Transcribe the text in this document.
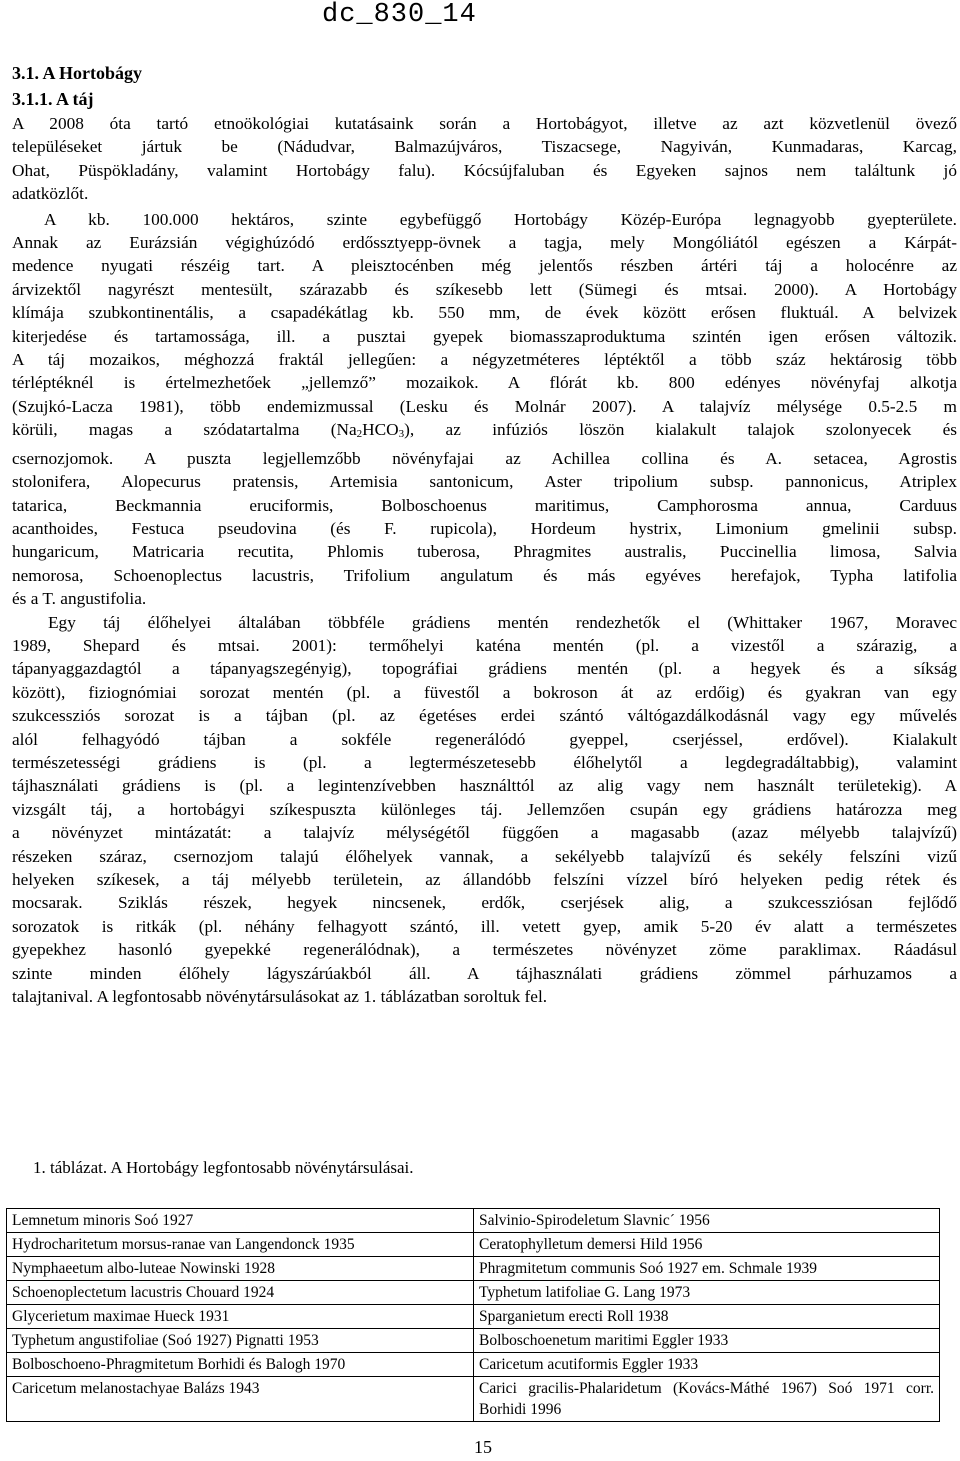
dc_830_14
3.1. A Hortobágy
3.1.1. A táj
A 2008 óta tartó etnoökológiai kutatásaink során a Hortobágyot, illetve az azt közvetlenül övező
településeket jártuk be (Nádudvar, Balmazújváros, Tiszacsege, Nagyiván, Kunmadaras, Karcag,
Ohat, Püspökladány, valamint Hortobágy falu). Kócsújfaluban és Egyeken sajnos nem találtunk jó
adatközlőt.
A kb. 100.000 hektáros, szinte egybefüggő Hortobágy Közép-Európa legnagyobb gyepterülete.
Annak az Eurázsián végighúzódó erdőssztyepp-övnek a tagja, mely Mongóliától egészen a Kárpát-
medence nyugati részéig tart. A pleisztocénben még jelentős részben ártéri táj a holocénre az
árvizektől nagyrészt mentesült, szárazabb és szíkesebb lett (Sümegi és mtsai. 2000). A Hortobágy
klímája szubkontinentális, a csapadékátlag kb. 550 mm, de évek között erősen fluktuál. A belvizek
kiterjedése és tartamossága, ill. a pusztai gyepek biomasszaproduktuma szintén igen erősen változik.
A táj mozaikos, méghozzá fraktál jellegűen: a négyzetméteres léptéktől a több száz hektárosig több
térléptéknél is értelmezhetőek „jellemző” mozaikok. A flórát kb. 800 edényes növényfaj alkotja
(Szujkó-Lacza 1981), több endemizmussal (Lesku és Molnár 2007). A talajvíz mélysége 0.5-2.5 m
körüli, magas a szódatartalma $(Na_2HCO_3)$, az infúziós löszön kialakult talajok szolonyecek és
csernozjomok. A puszta legjellemzőbb növényfajai az Achillea collina és A. setacea, Agrostis
stolonifera, Alopecurus pratensis, Artemisia santonicum, Aster tripolium subsp. pannonicus, Atriplex
tatarica, Beckmannia eruciformis, Bolboschoenus maritimus, Camphorosma annua, Carduus
acanthoides, Festuca pseudovina (és F. rupicola), Hordeum hystrix, Limonium gmelinii subsp.
hungaricum, Matricaria recutita, Phlomis tuberosa, Phragmites australis, Puccinellia limosa, Salvia
nemorosa, Schoenoplectus lacustris, Trifolium angulatum és más egyéves herefajok, Typha latifolia
és a T. angustifolia.
Egy táj élőhelyei általában többféle grádiens mentén rendezhetők el (Whittaker 1967, Moravec
1989, Shepard és mtsai. 2001): termőhelyi katéna mentén (pl. a vizestől a szárazig, a
tápanyaggazdagtól a tápanyagszegényig), topográfiai grádiens mentén (pl. a hegyek és a síkság
között), fiziognómiai sorozat mentén (pl. a füvestől a bokroson át az erdőig) és gyakran van egy
szukcessziós sorozat is a tájban (pl. az égetéses erdei szántó váltógazdálkodásnál vagy egy művelés
alól felhagyódó tájban a sokféle regenerálódó gyeppel, cserjéssel, erdővel). Kialakult
természetességi grádiens is (pl. a legtermészetesebb élőhelytől a legdegradáltabbig), valamint
tájhasználati grádiens is (pl. a legintenzívebben használttól az alig vagy nem használt területekig). A
vizsgált táj, a hortobágyi szíkespuszta különleges táj. Jellemzően csupán egy grádiens határozza meg
a növényzet mintázatát: a talajvíz mélységétől függően a magasabb (azaz mélyebb talajvízű)
részeken száraz, csernozjom talajú élőhelyek vannak, a sekélyebb talajvízű és sekély felszíni vizű
helyeken szíkesek, a táj mélyebb területein, az állandóbb felszíni vízzel bíró helyeken pedig rétek és
mocsarak. Sziklás részek, hegyek nincsenek, erdők, cserjések alig, a szukcessziósan fejlődő
sorozatok is ritkák (pl. néhány felhagyott szántó, ill. vetett gyep, amik 5-20 év alatt a természetes
gyepekhez hasonló gyepekké regenerálódnak), a természetes növényzet zöme paraklimax. Ráadásul
szinte minden élőhely lágyszárúakból áll. A tájhasználati grádiens zömmel párhuzamos a
talajtanival. A legfontosabb növénytársulásokat az 1. táblázatban soroltuk fel.
1. táblázat. A Hortobágy legfontosabb növénytársulásai.
Lemnetum minoris Soó 1927	Salvinio-Spirodeletum Slavnic´ 1956
Hydrocharitetum morsus-ranae van Langendonck 1935	Ceratophylletum demersi Hild 1956
Nymphaeetum albo-luteae Nowinski 1928	Phragmitetum communis Soó 1927 em. Schmale 1939
Schoenoplectetum lacustris Chouard 1924	Typhetum latifoliae G. Lang 1973
Glycerietum maximae Hueck 1931	Sparganietum erecti Roll 1938
Typhetum angustifoliae (Soó 1927) Pignatti 1953	Bolboschoenetum maritimi Eggler 1933
Bolboschoeno-Phragmitetum Borhidi és Balogh 1970	Caricetum acutiformis Eggler 1933
Caricetum melanostachyae Balázs 1943	Carici gracilis-Phalaridetum (Kovács-Máthé 1967) Soó 1971 corr. Borhidi 1996
15
